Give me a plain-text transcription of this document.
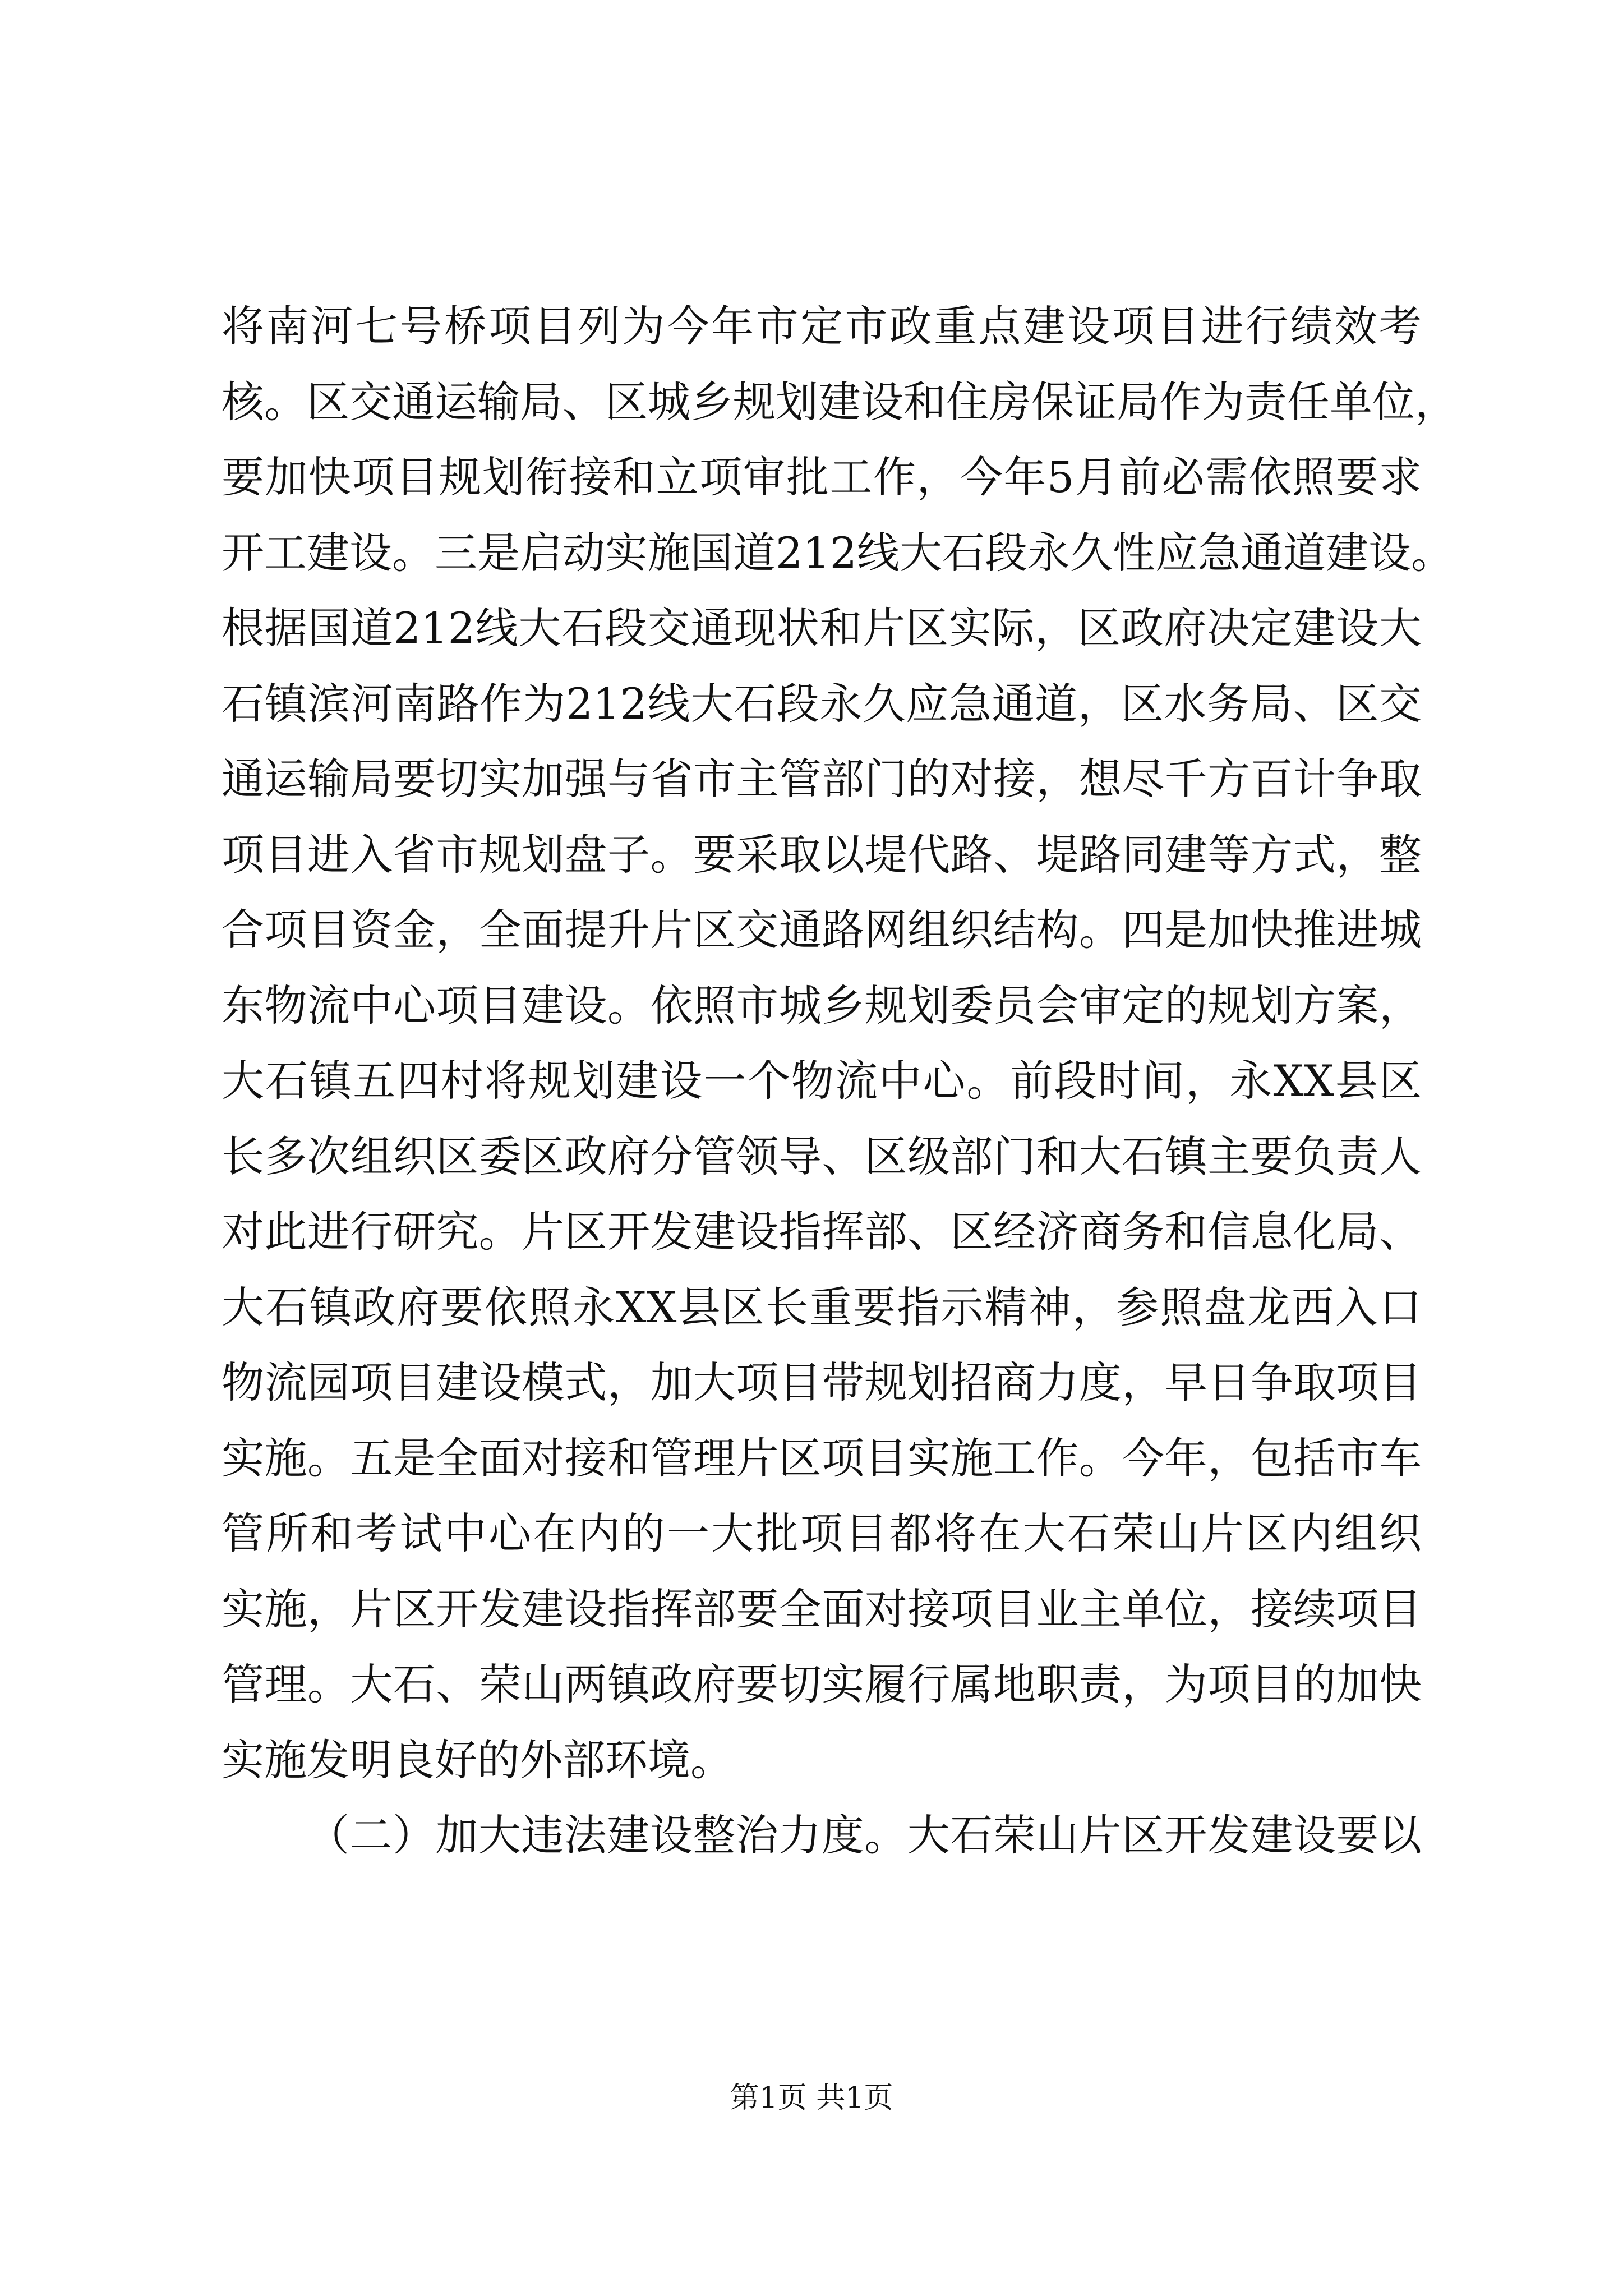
将南河七号桥项目列为今年市定市政重点建设项目进行绩效考
核。区交通运输局、区城乡规划建设和住房保证局作为责任单位，
要加快项目规划衔接和立项审批工作，今年5月前必需依照要求
开工建设。三是启动实施国道212线大石段永久性应急通道建设。
根据国道212线大石段交通现状和片区实际，区政府决定建设大
石镇滨河南路作为212线大石段永久应急通道，区水务局、区交
通运输局要切实加强与省市主管部门的对接，想尽千方百计争取
项目进入省市规划盘子。要采取以堤代路、堤路同建等方式，整
合项目资金，全面提升片区交通路网组织结构。四是加快推进城
东物流中心项目建设。依照市城乡规划委员会审定的规划方案，
大石镇五四村将规划建设一个物流中心。前段时间，永XX县区
长多次组织区委区政府分管领导、区级部门和大石镇主要负责人
对此进行研究。片区开发建设指挥部、区经济商务和信息化局、
大石镇政府要依照永XX县区长重要指示精神，参照盘龙西入口
物流园项目建设模式，加大项目带规划招商力度，早日争取项目
实施。五是全面对接和管理片区项目实施工作。今年，包括市车
管所和考试中心在内的一大批项目都将在大石荣山片区内组织
实施，片区开发建设指挥部要全面对接项目业主单位，接续项目
管理。大石、荣山两镇政府要切实履行属地职责，为项目的加快
实施发明良好的外部环境。
（二）加大违法建设整治力度。大石荣山片区开发建设要以
第1页 共1页
